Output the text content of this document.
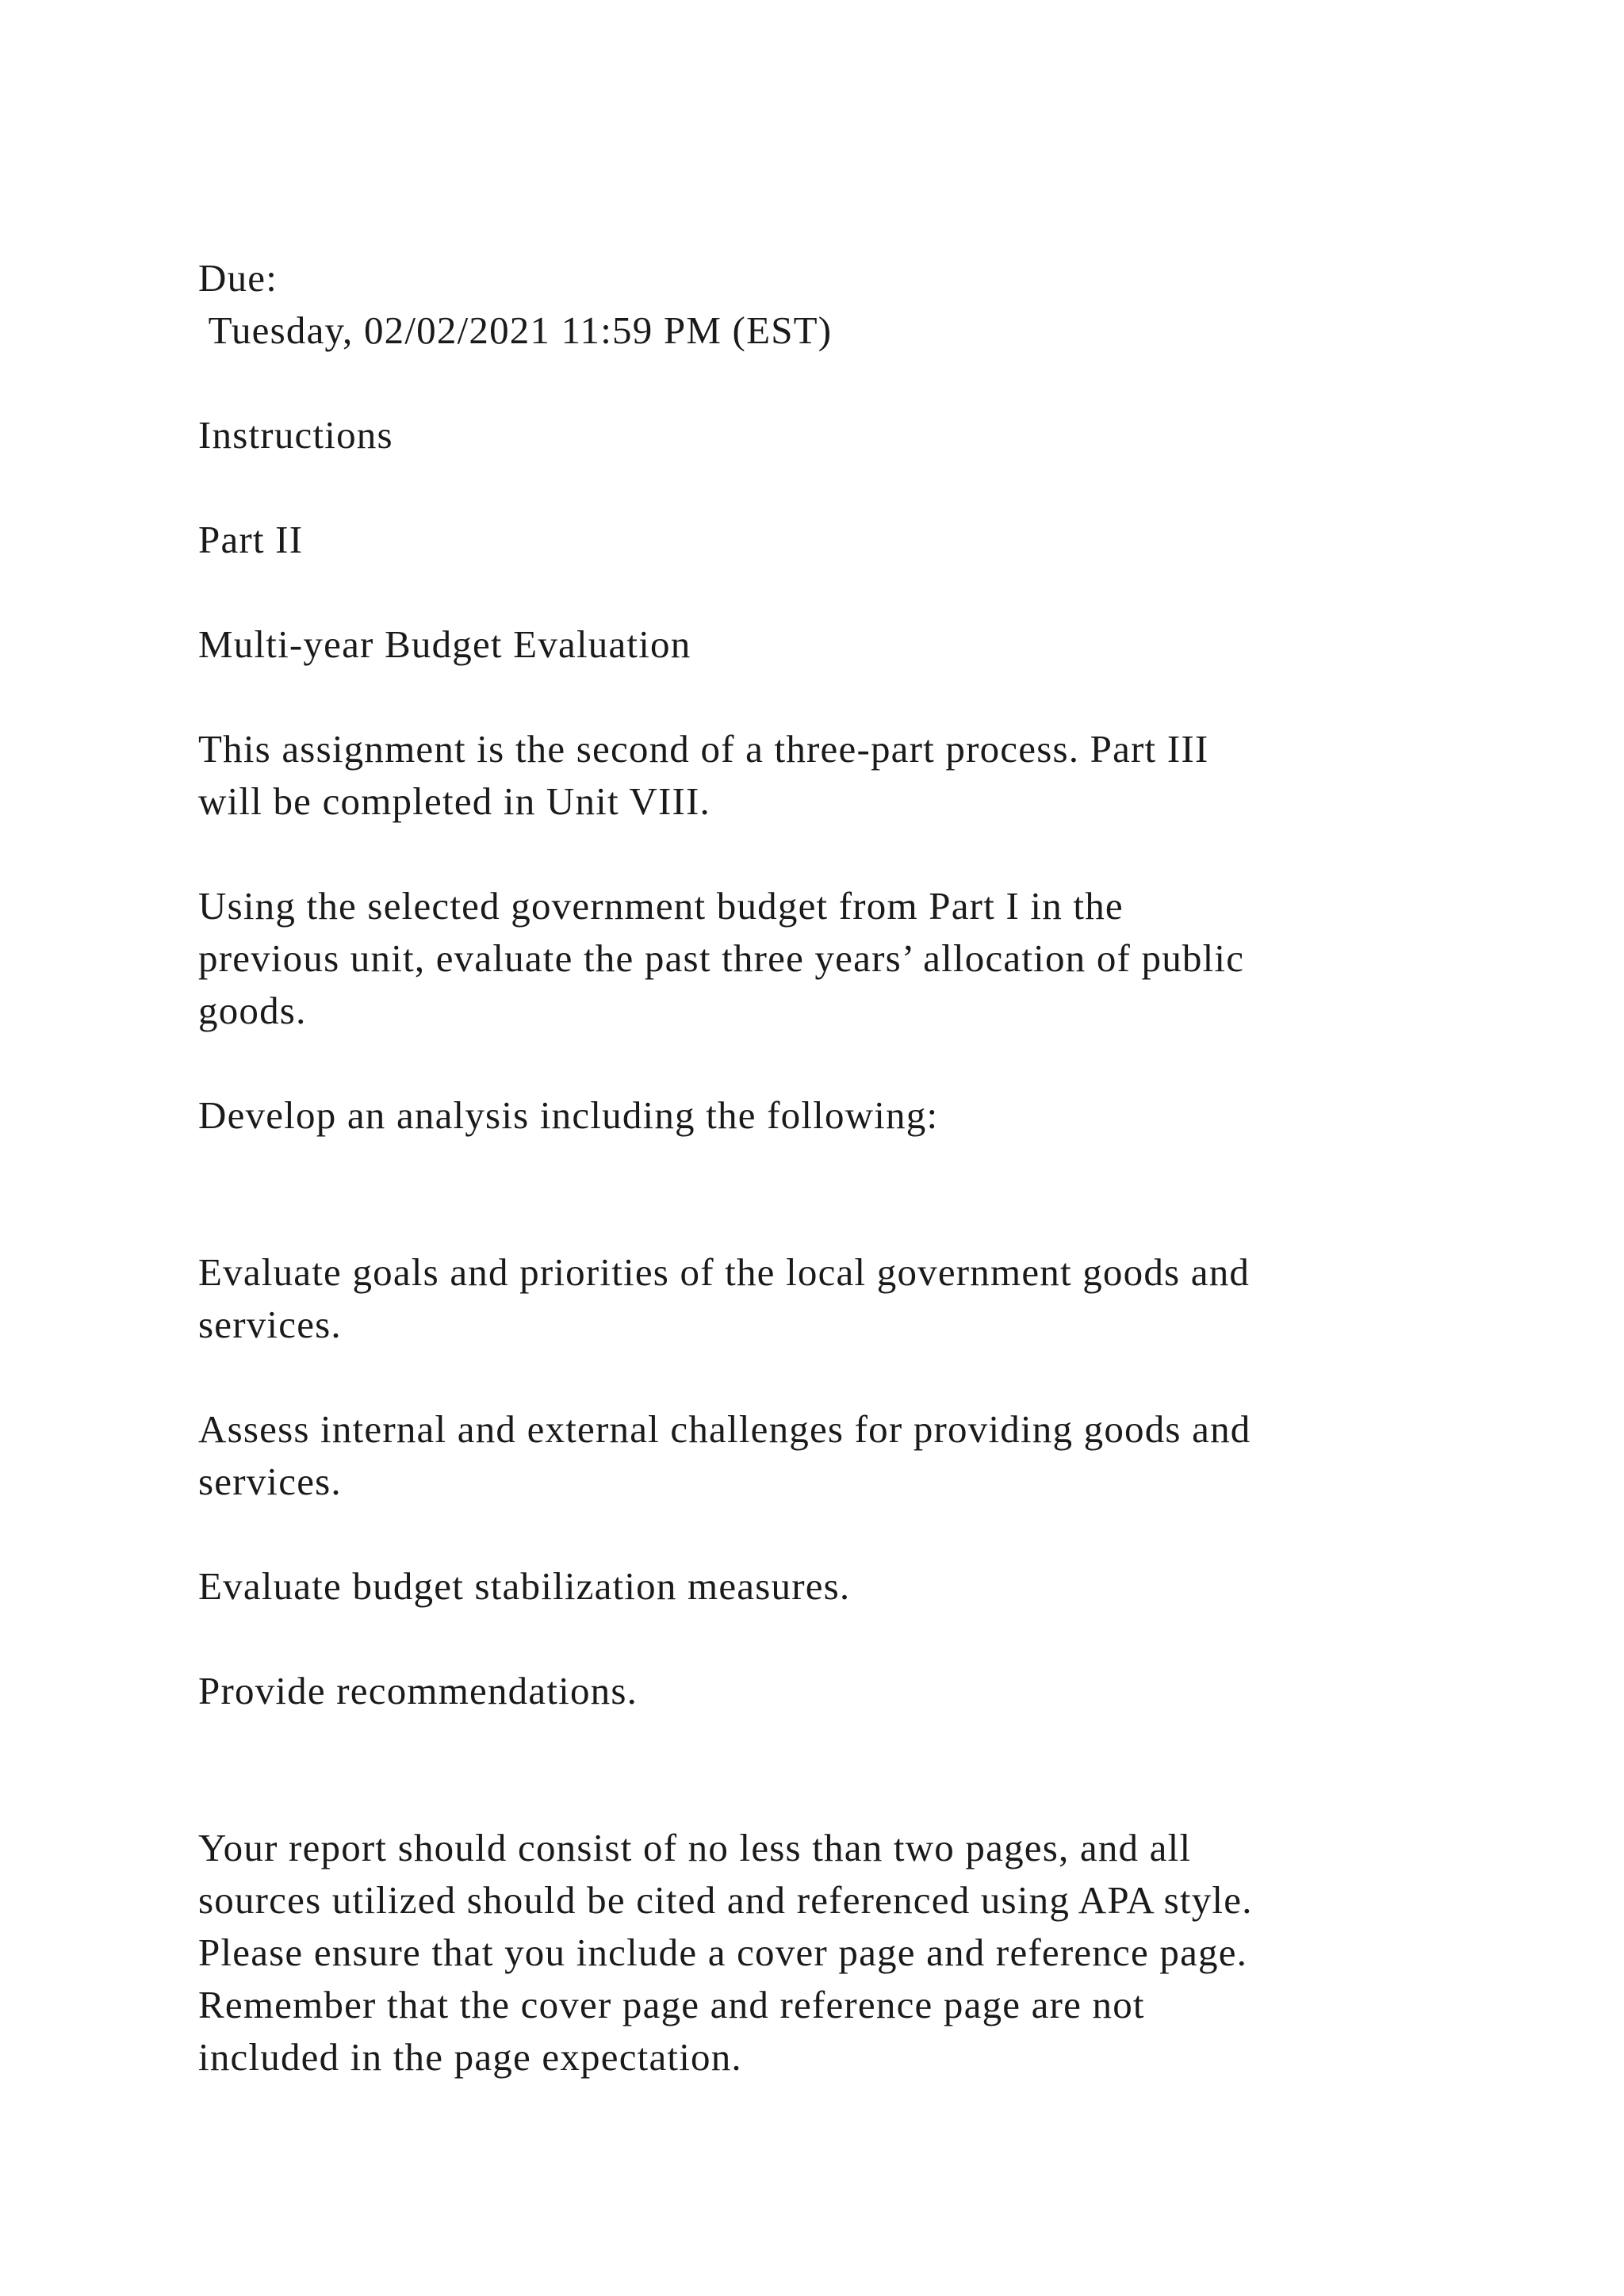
Due:
Tuesday, 02/02/2021 11:59 PM (EST)
Instructions
Part II
Multi-year Budget Evaluation
This assignment is the second of a three-part process. Part III
will be completed in Unit VIII.
Using the selected government budget from Part I in the
previous unit, evaluate the past three years’ allocation of public
goods.
Develop an analysis including the following:
Evaluate goals and priorities of the local government goods and
services.
Assess internal and external challenges for providing goods and
services.
Evaluate budget stabilization measures.
Provide recommendations.
Your report should consist of no less than two pages, and all
sources utilized should be cited and referenced using APA style.
Please ensure that you include a cover page and reference page.
Remember that the cover page and reference page are not
included in the page expectation.
